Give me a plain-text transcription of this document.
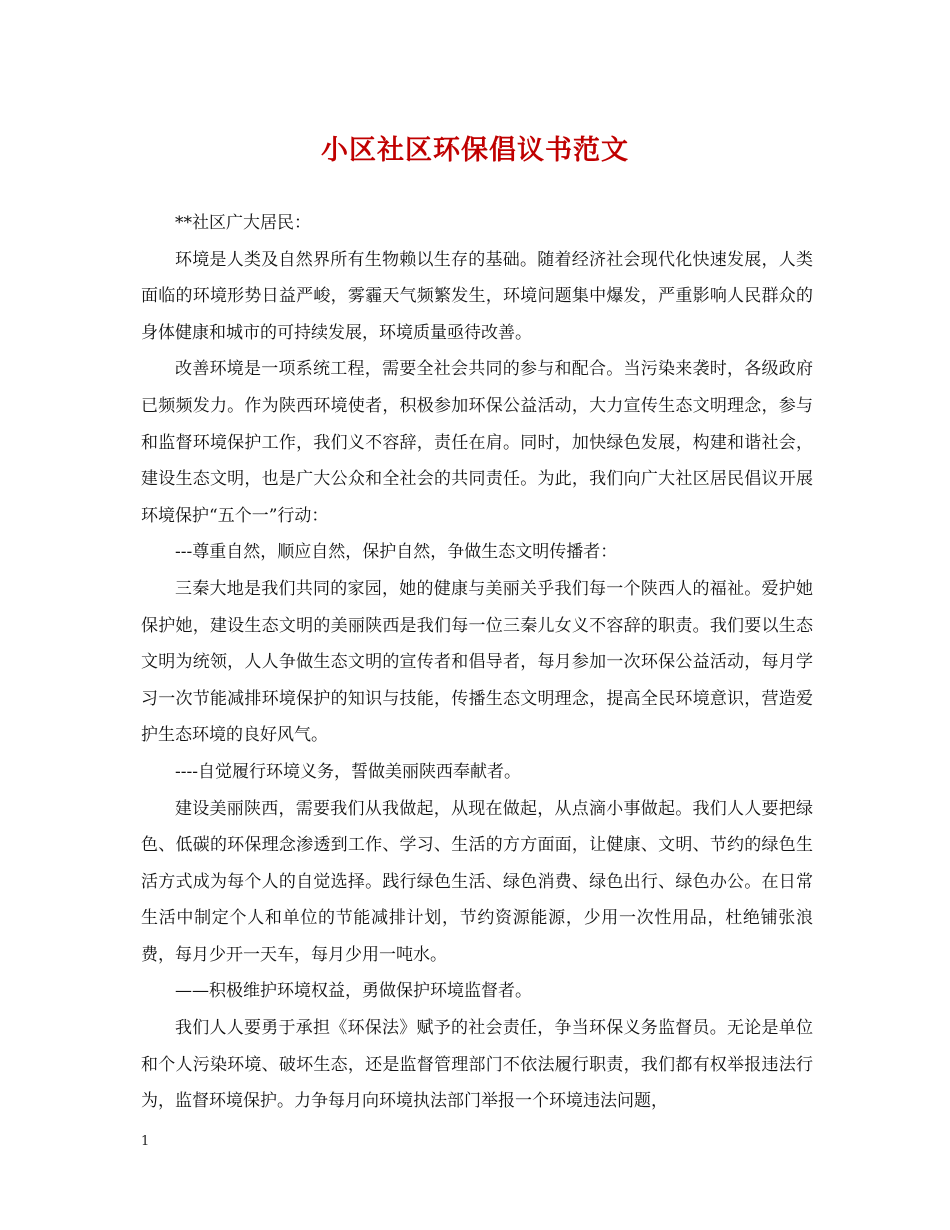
小区社区环保倡议书范文

**社区广大居民：

环境是人类及自然界所有生物赖以生存的基础。随着经济社会现代化快速发展，人类面临的环境形势日益严峻，雾霾天气频繁发生，环境问题集中爆发，严重影响人民群众的身体健康和城市的可持续发展，环境质量亟待改善。

改善环境是一项系统工程，需要全社会共同的参与和配合。当污染来袭时，各级政府已频频发力。作为陕西环境使者，积极参加环保公益活动，大力宣传生态文明理念，参与和监督环境保护工作，我们义不容辞，责任在肩。同时，加快绿色发展，构建和谐社会，建设生态文明，也是广大公众和全社会的共同责任。为此，我们向广大社区居民倡议开展环境保护“五个一”行动：

---尊重自然，顺应自然，保护自然，争做生态文明传播者：

三秦大地是我们共同的家园，她的健康与美丽关乎我们每一个陕西人的福祉。爱护她保护她，建设生态文明的美丽陕西是我们每一位三秦儿女义不容辞的职责。我们要以生态文明为统领，人人争做生态文明的宣传者和倡导者，每月参加一次环保公益活动，每月学习一次节能减排环境保护的知识与技能，传播生态文明理念，提高全民环境意识，营造爱护生态环境的良好风气。

----自觉履行环境义务，誓做美丽陕西奉献者。

建设美丽陕西，需要我们从我做起，从现在做起，从点滴小事做起。我们人人要把绿色、低碳的环保理念渗透到工作、学习、生活的方方面面，让健康、文明、节约的绿色生活方式成为每个人的自觉选择。践行绿色生活、绿色消费、绿色出行、绿色办公。在日常生活中制定个人和单位的节能减排计划，节约资源能源，少用一次性用品，杜绝铺张浪费，每月少开一天车，每月少用一吨水。

——积极维护环境权益，勇做保护环境监督者。

我们人人要勇于承担《环保法》赋予的社会责任，争当环保义务监督员。无论是单位和个人污染环境、破坏生态，还是监督管理部门不依法履行职责，我们都有权举报违法行为，监督环境保护。力争每月向环境执法部门举报一个环境违法问题，

1
